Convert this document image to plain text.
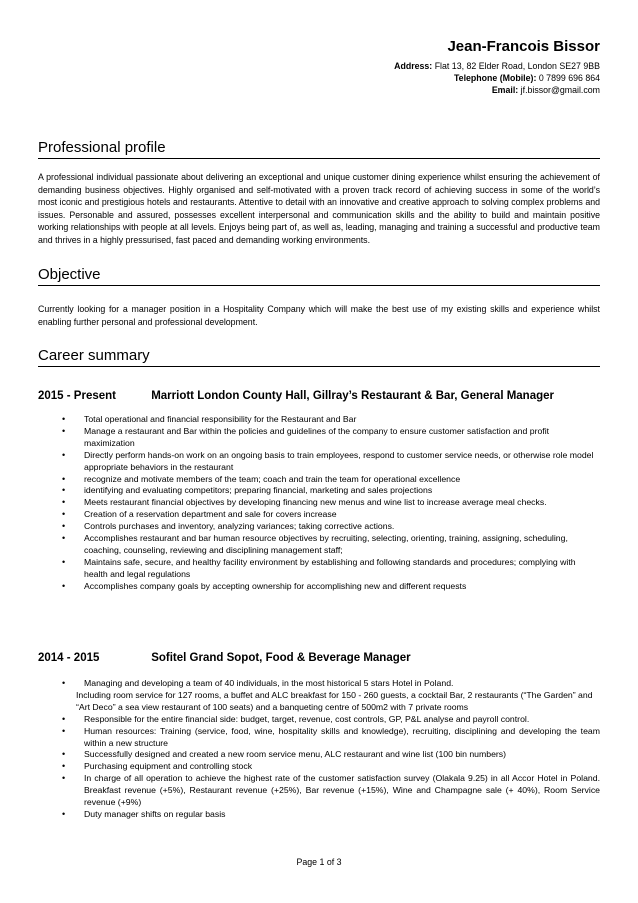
Jean-Francois Bissor
Address: Flat 13, 82 Elder Road, London SE27 9BB
Telephone (Mobile): 0 7899 696 864
Email: jf.bissor@gmail.com
Professional profile

A professional individual passionate about delivering an exceptional and unique customer dining experience whilst ensuring the achievement of demanding business objectives. Highly organised and self-motivated with a proven track record of achieving success in some of the world’s most iconic and prestigious hotels and restaurants. Attentive to detail with an innovative and creative approach to solving complex problems and issues. Personable and assured, possesses excellent interpersonal and communication skills and the ability to build and maintain positive working relationships with people at all levels. Enjoys being part of, as well as, leading, managing and training a successful and productive team and thrives in a highly pressurised, fast paced and demanding working environments.

Objective

Currently looking for a manager position in a Hospitality Company which will make the best use of my existing skills and experience whilst enabling further personal and professional development.

Career summary
2015 - Present	Marriott London County Hall, Gillray’s Restaurant & Bar, General Manager
• Total operational and financial responsibility for the Restaurant and Bar
• Manage a restaurant and Bar within the policies and guidelines of the company to ensure customer satisfaction and profit maximization
• Directly perform hands-on work on an ongoing basis to train employees, respond to customer service needs, or otherwise role model appropriate behaviors in the restaurant
• recognize and motivate members of the team; coach and train the team for operational excellence
• identifying and evaluating competitors; preparing financial, marketing and sales projections
• Meets restaurant financial objectives by developing financing new menus and wine list to increase average meal checks.
• Creation of a reservation department and sale for covers increase
• Controls purchases and inventory, analyzing variances; taking corrective actions.
• Accomplishes restaurant and bar human resource objectives by recruiting, selecting, orienting, training, assigning, scheduling, coaching, counseling, reviewing and disciplining management staff;
• Maintains safe, secure, and healthy facility environment by establishing and following standards and procedures; complying with health and legal regulations
• Accomplishes company goals by accepting ownership for accomplishing new and different requests
2014 - 2015	Sofitel Grand Sopot, Food & Beverage Manager
• Managing and developing a team of 40 individuals, in the most historical 5 stars Hotel in Poland.
Including room service for 127 rooms, a buffet and ALC breakfast for 150 - 260 guests, a cocktail Bar, 2 restaurants (“The Garden” and “Art Deco” a sea view restaurant of 100 seats) and a banqueting centre of 500m2 with 7 private rooms
• Responsible for the entire financial side: budget, target, revenue, cost controls, GP, P&L analyse and payroll control.
• Human resources: Training (service, food, wine, hospitality skills and knowledge), recruiting, disciplining and developing the team within a new structure
• Successfully designed and created a new room service menu, ALC restaurant and wine list (100 bin numbers)
• Purchasing equipment and controlling stock
• In charge of all operation to achieve the highest rate of the customer satisfaction survey (Olakala 9.25) in all Accor Hotel in Poland. Breakfast revenue (+5%), Restaurant revenue (+25%), Bar revenue (+15%), Wine and Champagne sale (+ 40%), Room Service revenue (+9%)
• Duty manager shifts on regular basis
Page 1 of 3
